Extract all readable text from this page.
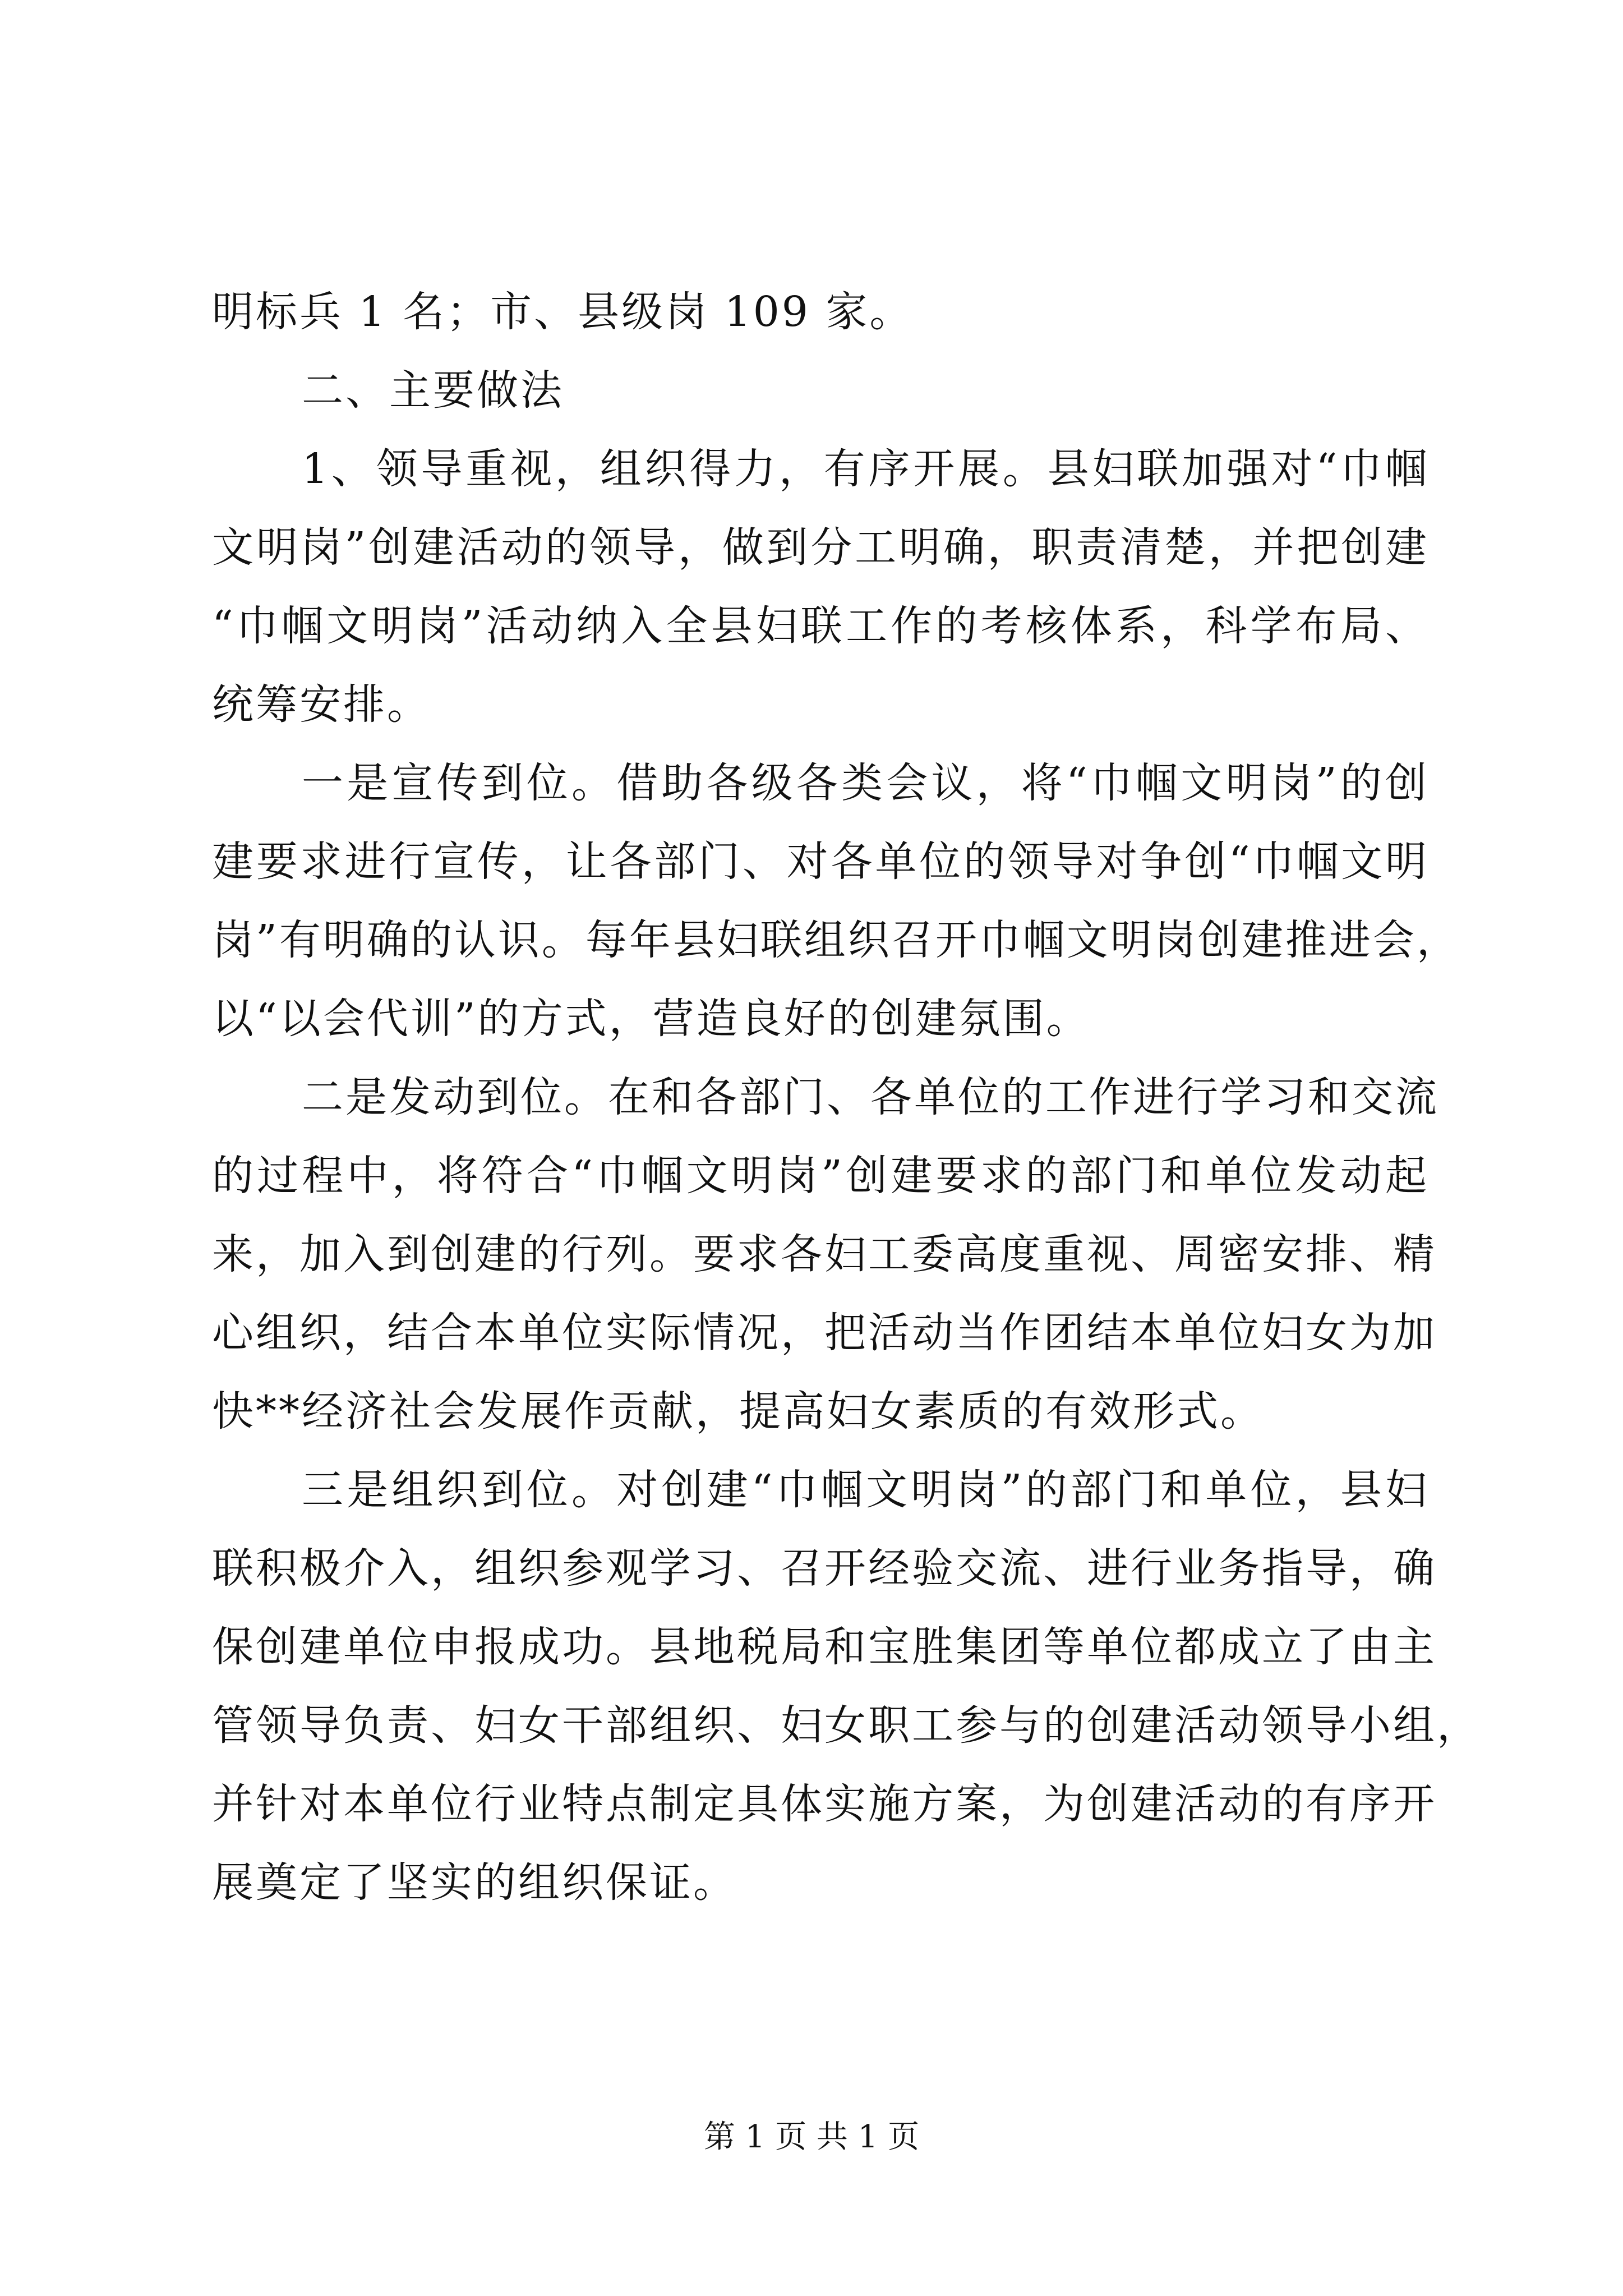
明标兵 1 名；市、县级岗 109 家。
二、主要做法
1、领导重视，组织得力，有序开展。县妇联加强对“巾帼
文明岗”创建活动的领导，做到分工明确，职责清楚，并把创建
“巾帼文明岗”活动纳入全县妇联工作的考核体系，科学布局、
统筹安排。
一是宣传到位。借助各级各类会议，将“巾帼文明岗”的创
建要求进行宣传，让各部门、对各单位的领导对争创“巾帼文明
岗”有明确的认识。每年县妇联组织召开巾帼文明岗创建推进会，
以“以会代训”的方式，营造良好的创建氛围。
二是发动到位。在和各部门、各单位的工作进行学习和交流
的过程中，将符合“巾帼文明岗”创建要求的部门和单位发动起
来，加入到创建的行列。要求各妇工委高度重视、周密安排、精
心组织，结合本单位实际情况，把活动当作团结本单位妇女为加
快**经济社会发展作贡献，提高妇女素质的有效形式。
三是组织到位。对创建“巾帼文明岗”的部门和单位，县妇
联积极介入，组织参观学习、召开经验交流、进行业务指导，确
保创建单位申报成功。县地税局和宝胜集团等单位都成立了由主
管领导负责、妇女干部组织、妇女职工参与的创建活动领导小组，
并针对本单位行业特点制定具体实施方案，为创建活动的有序开
展奠定了坚实的组织保证。
第 1 页 共 1 页
